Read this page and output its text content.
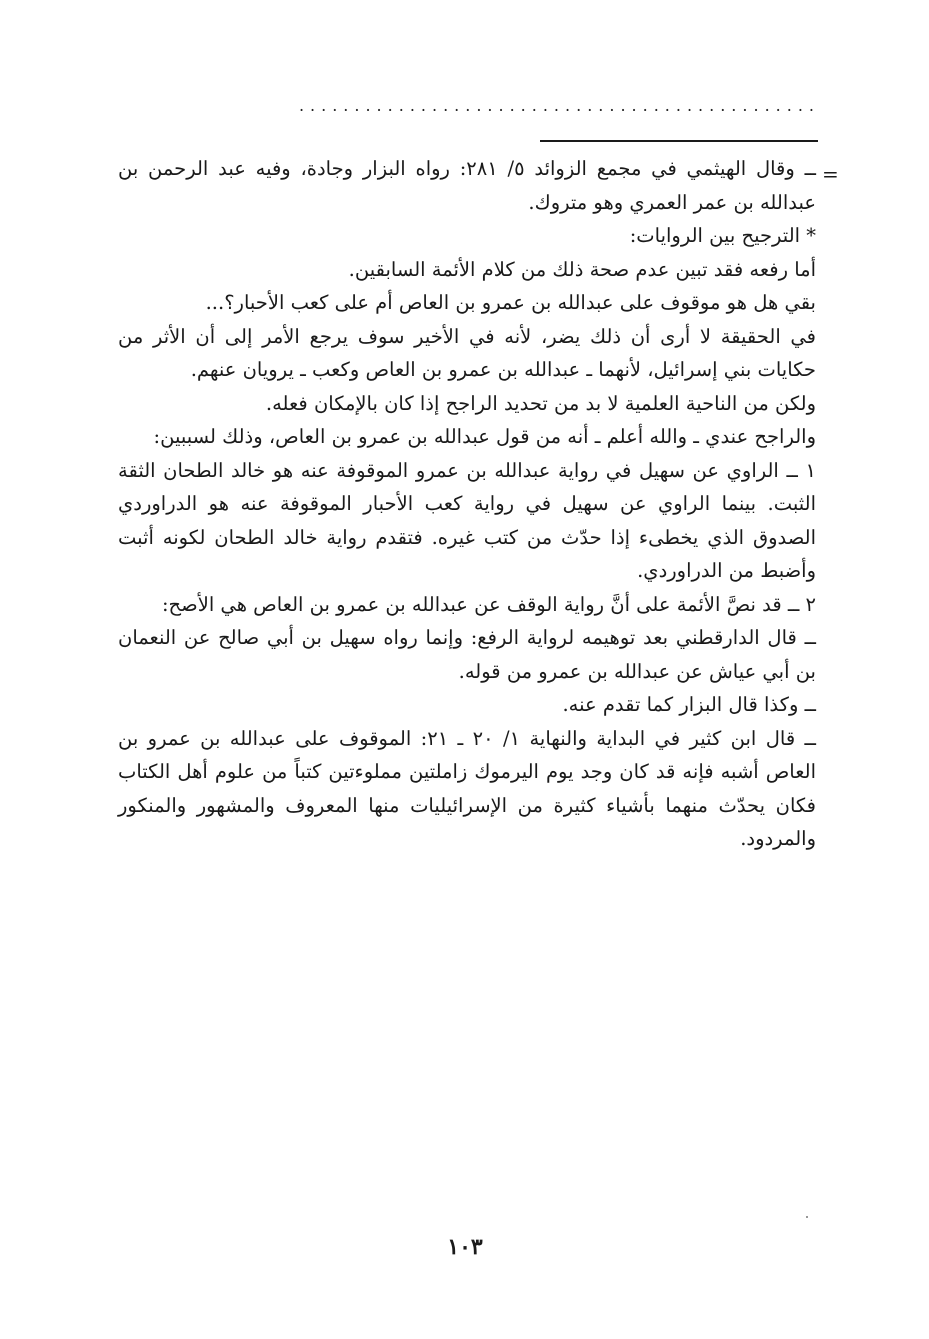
...............................................
=

ــ وقال الهيثمي في مجمع الزوائد ٥/ ٢٨١: رواه البزار وجادة، وفيه عبد الرحمن بن عبدالله بن عمر العمري وهو متروك.

* الترجيح بين الروايات:

أما رفعه فقد تبين عدم صحة ذلك من كلام الأئمة السابقين.

بقي هل هو موقوف على عبدالله بن عمرو بن العاص أم على كعب الأحبار؟...

في الحقيقة لا أرى أن ذلك يضر، لأنه في الأخير سوف يرجع الأمر إلى أن الأثر من حكايات بني إسرائيل، لأنهما ـ عبدالله بن عمرو بن العاص وكعب ـ يرويان عنهم.

ولكن من الناحية العلمية لا بد من تحديد الراجح إذا كان بالإمكان فعله.

والراجح عندي ـ والله أعلم ـ أنه من قول عبدالله بن عمرو بن العاص، وذلك لسببين:

١ ــ الراوي عن سهيل في رواية عبدالله بن عمرو الموقوفة عنه هو خالد الطحان الثقة الثبت. بينما الراوي عن سهيل في رواية كعب الأحبار الموقوفة عنه هو الدراوردي الصدوق الذي يخطىء إذا حدّث من كتب غيره. فتقدم رواية خالد الطحان لكونه أثبت وأضبط من الدراوردي.

٢ ــ قد نصَّ الأئمة على أنَّ رواية الوقف عن عبدالله بن عمرو بن العاص هي الأصح:

ــ قال الدارقطني بعد توهيمه لرواية الرفع: وإنما رواه سهيل بن أبي صالح عن النعمان بن أبي عياش عن عبدالله بن عمرو من قوله.

ــ وكذا قال البزار كما تقدم عنه.

ــ قال ابن كثير في البداية والنهاية ١/ ٢٠ ـ ٢١: الموقوف على عبدالله بن عمرو بن العاص أشبه فإنه قد كان وجد يوم اليرموك زاملتين مملوءتين كتباً من علوم أهل الكتاب فكان يحدّث منهما بأشياء كثيرة من الإسرائيليات منها المعروف والمشهور والمنكور والمردود.

١٠٣
